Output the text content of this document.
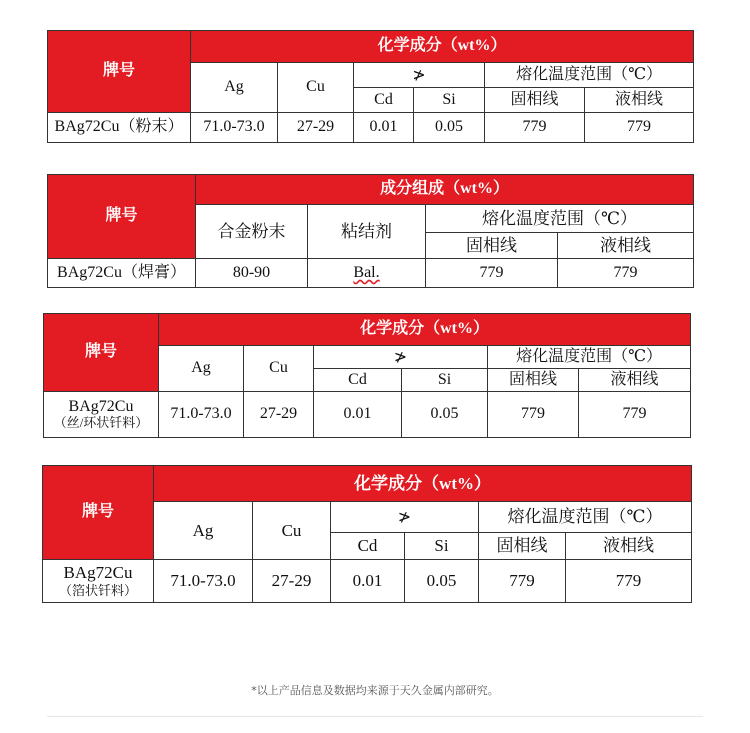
牌号	化学成分（wt%）					
	Ag	Cu	≯		熔化温度范围（℃）	
			Cd	Si	固相线	液相线
BAg72Cu（粉末）	71.0-73.0	27-29	0.01	0.05	779	779
牌号	成分组成（wt%）			
	合金粉末	粘结剂	熔化温度范围（℃）	
			固相线	液相线
BAg72Cu（焊膏）	80-90	Bal.	779	779
牌号	化学成分（wt%）					
	Ag	Cu	≯		熔化温度范围（℃）	
			Cd	Si	固相线	液相线
BAg72Cu
（丝/环状钎料）	71.0-73.0	27-29	0.01	0.05	779	779
牌号	化学成分（wt%）					
	Ag	Cu	≯		熔化温度范围（℃）	
			Cd	Si	固相线	液相线
BAg72Cu
（箔状钎料）	71.0-73.0	27-29	0.01	0.05	779	779
*以上产品信息及数据均来源于天久金属内部研究。
